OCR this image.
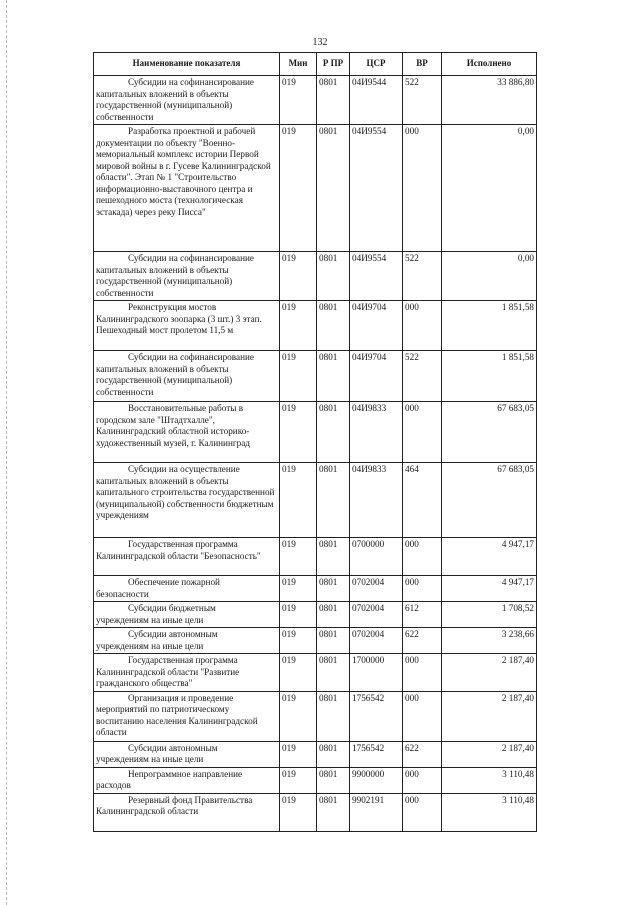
132
Наименование показателя	Мин	Р ПР	ЦСР	ВР	Исполнено

Субсидии на софинансирование
капитальных вложений в объекты государственной (муниципальной) собственности	019	0801	04И9544	522	33 886,80

Разработка проектной и рабочей
документации по объекту "Военно-мемориальный комплекс истории Первой мировой войны в г. Гусеве Калининградской области". Этап № 1 "Строительство информационно-выставочного центра и пешеходного моста (технологическая эстакада) через реку Писса"	019	0801	04И9554	000	0,00

Субсидии на софинансирование
капитальных вложений в объекты государственной (муниципальной) собственности	019	0801	04И9554	522	0,00

Реконструкция мостов
Калининградского зоопарка (3 шт.) 3 этап. Пешеходный мост пролетом 11,5 м	019	0801	04И9704	000	1 851,58

Субсидии на софинансирование
капитальных вложений в объекты государственной (муниципальной) собственности	019	0801	04И9704	522	1 851,58

Восстановительные работы в
городском зале "Штадтхалле", Калининградский областной историко-художественный музей, г. Калининград	019	0801	04И9833	000	67 683,05

Субсидии на осуществление
капитальных вложений в объекты капитального строительства государственной (муниципальной) собственности бюджетным учреждениям	019	0801	04И9833	464	67 683,05

Государственная программа
Калининградской области "Безопасность"	019	0801	0700000	000	4 947,17

Обеспечение пожарной
безопасности	019	0801	0702004	000	4 947,17

Субсидии бюджетным
учреждениям на иные цели	019	0801	0702004	612	1 708,52

Субсидии автономным
учреждениям на иные цели	019	0801	0702004	622	3 238,66

Государственная программа
Калининградской области "Развитие гражданского общества"	019	0801	1700000	000	2 187,40

Организация и проведение
мероприятий по патриотическому воспитанию населения Калининградской области	019	0801	1756542	000	2 187,40

Субсидии автономным
учреждениям на иные цели	019	0801	1756542	622	2 187,40

Непрограммное направление
расходов	019	0801	9900000	000	3 110,48

Резервный фонд Правительства
Калининградской области	019	0801	9902191	000	3 110,48
